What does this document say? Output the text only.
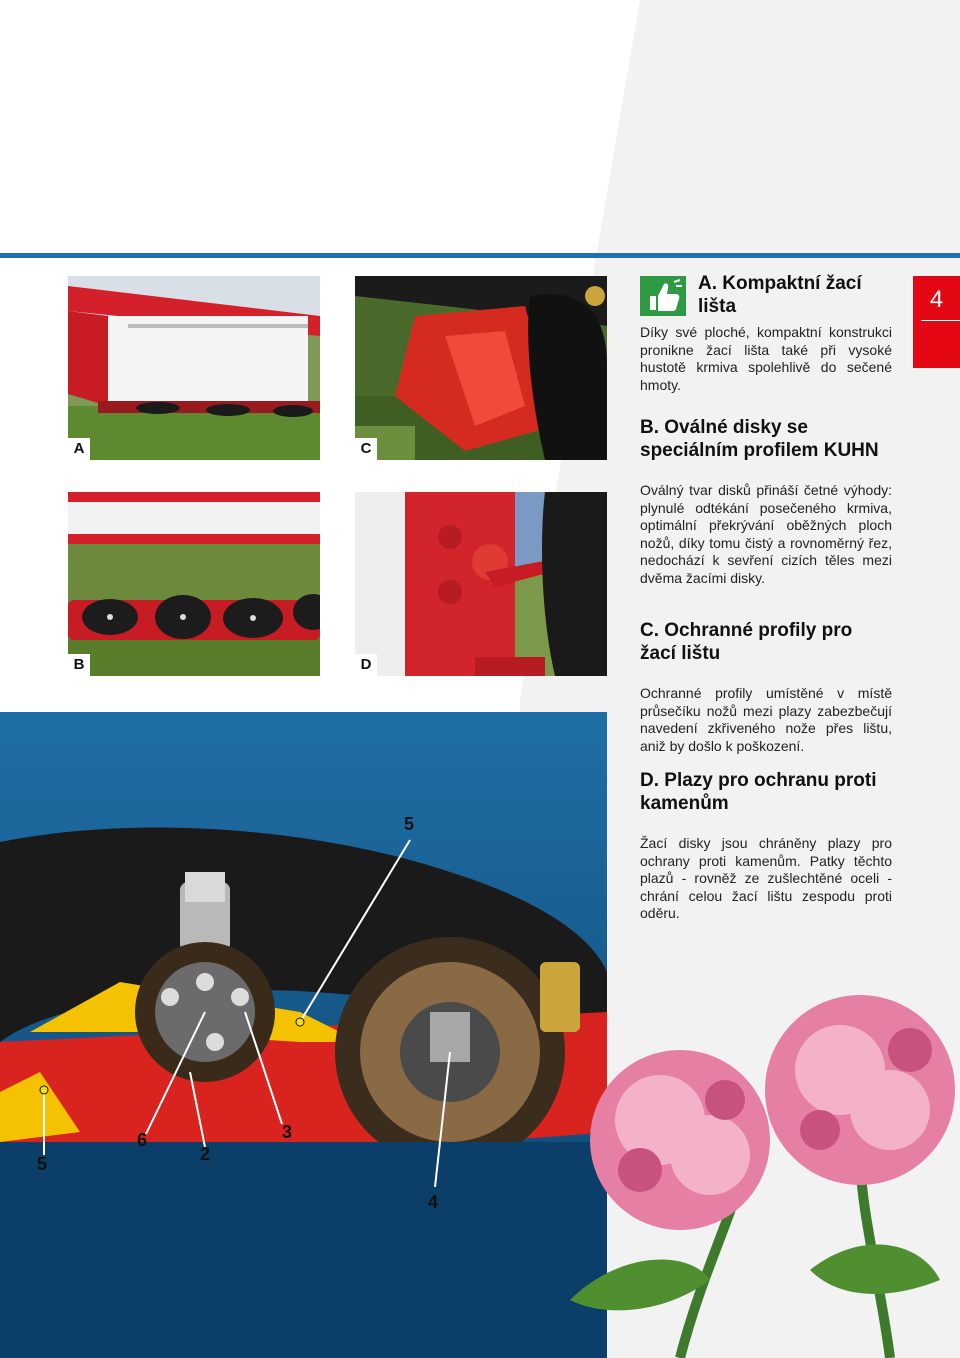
4
A	C
B	D
5
5
6
2
3
4
A. Kompaktní žací lišta

Díky své ploché, kompaktní konstrukci pronikne žací lišta také při vysoké hustotě krmiva spolehlivě do sečené hmoty.

B. Oválné disky se speciálním profilem KUHN

Oválný tvar disků přináší četné výhody: plynulé odtékání posečeného krmiva, optimální překrývání oběžných ploch nožů, díky tomu čistý a rovnoměrný řez, nedochází k sevření cizích těles mezi dvěma žacími disky.

C. Ochranné profily pro žací lištu

Ochranné profily umístěné v místě průsečíku nožů mezi plazy zabezbečují navedení zkřiveného nože přes lištu, aniž by došlo k poškození.

D. Plazy pro ochranu proti kamenům

Žací disky jsou chráněny plazy pro ochrany proti kamenům. Patky těchto plazů - rovněž ze zušlechtěné oceli - chrání celou žací lištu zespodu proti oděru.
